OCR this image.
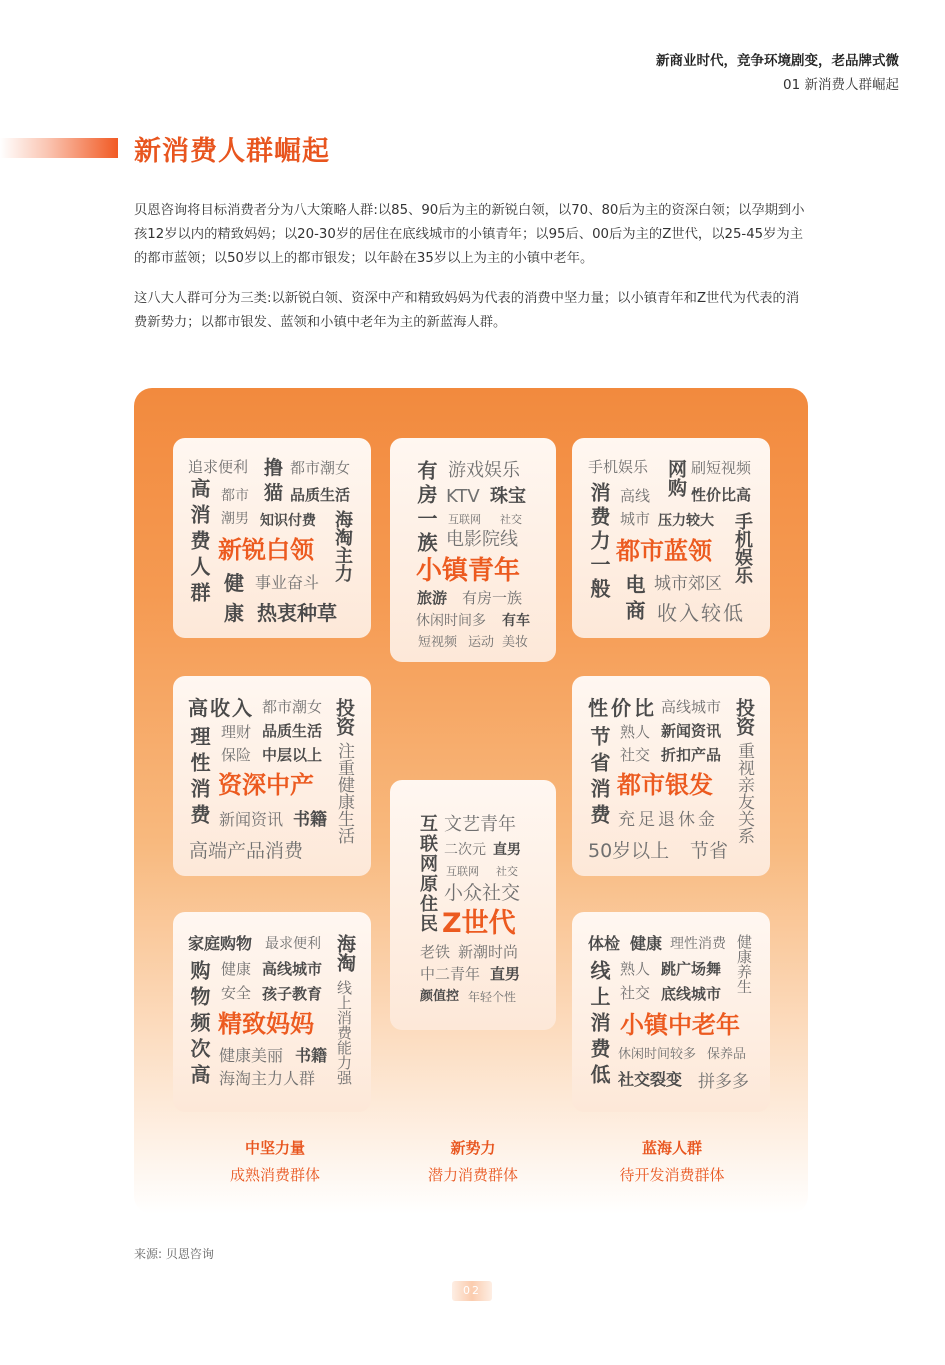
新商业时代，竞争环境剧变，老品牌式微
01 新消费人群崛起
新消费人群崛起
贝恩咨询将目标消费者分为八大策略人群:以85、90后为主的新锐白领，以70、80后为主的资深白领；以孕期到小孩12岁以内的精致妈妈；以20-30岁的居住在底线城市的小镇青年；以95后、00后为主的Z世代，以25-45岁为主的都市蓝领；以50岁以上的都市银发；以年龄在35岁以上为主的小镇中老年。
这八大人群可分为三类:以新锐白领、资深中产和精致妈妈为代表的消费中坚力量；以小镇青年和Z世代为代表的消费新势力；以都市银发、蓝领和小镇中老年为主的新蓝海人群。
高消费人群
追求便利 撸 都市潮女
猫
都市	品质生活
潮男 知识付费 海淘主力
新锐白领
健 事业奋斗
康 热衷种草
有房一族 游戏娱乐
KTV 珠宝
互联网 社交
电影院线
小镇青年
旅游 有房一族
休闲时间多 有车
短视频 运动 美妆
消费力一般
手机娱乐 网购 刷短视频
高线	性价比高
城市 压力较大 手机娱乐
都市蓝领
电商 城市郊区
收入较低
高收入
理性消费
都市潮女
理财 品质生活
保险 中层以上
投资
注重健康生活
资深中产
新闻资讯 书籍
高端产品消费
性价比
节省消费
高线城市
熟人 新闻资讯
社交 折扣产品
投资
重视亲友关系
都市银发
充足退休金
50岁以上 节省
互联网原住民 文艺青年
二次元 直男
互联网 社交
小众社交
Z世代
老铁 新潮时尚
中二青年 直男
颜值控 年轻个性
家庭购物
购物频次高
最求便利
健康 高线城市
安全 孩子教育
海淘
线上消费能力强
精致妈妈
健康美丽 书籍
海淘主力人群
体检 健康
线上消费低
理性消费
熟人 跳广场舞 健康养生
社交 底线城市
小镇中老年
休闲时间较多 保养品
社交裂变 拼多多
中坚力量
成熟消费群体
新势力
潜力消费群体
蓝海人群
待开发消费群体
来源: 贝恩咨询
02
